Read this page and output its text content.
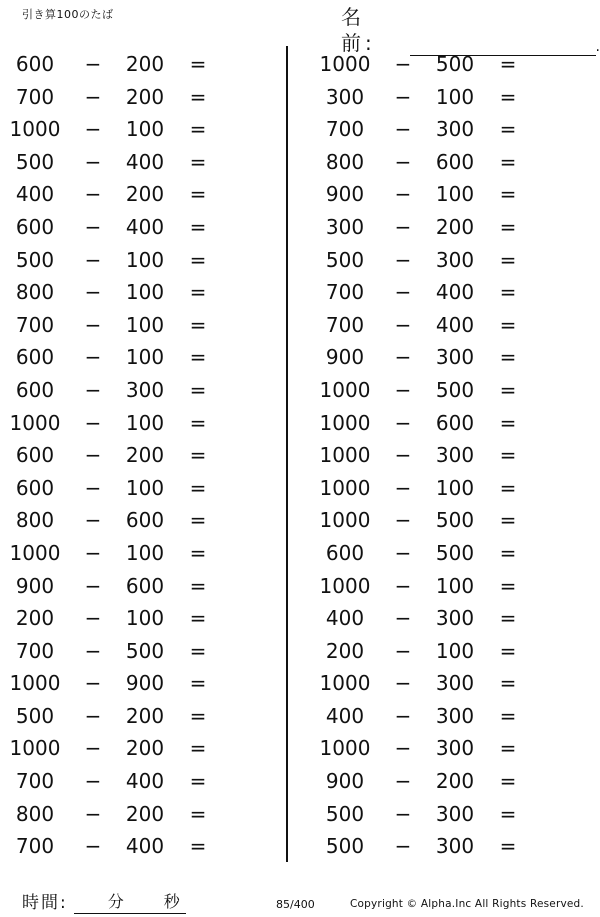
引き算100のたば	名 前:	.
600	−	200	=
700	−	200	=
1000	−	100	=
500	−	400	=
400	−	200	=
600	−	400	=
500	−	100	=
800	−	100	=
700	−	100	=
600	−	100	=
600	−	300	=
1000	−	100	=
600	−	200	=
600	−	100	=
800	−	600	=
1000	−	100	=
900	−	600	=
200	−	100	=
700	−	500	=
1000	−	900	=
500	−	200	=
1000	−	200	=
700	−	400	=
800	−	200	=
700	−	400	=
1000	−	500	=
300	−	100	=
700	−	300	=
800	−	600	=
900	−	100	=
300	−	200	=
500	−	300	=
700	−	400	=
700	−	400	=
900	−	300	=
1000	−	500	=
1000	−	600	=
1000	−	300	=
1000	−	100	=
1000	−	500	=
600	−	500	=
1000	−	100	=
400	−	300	=
200	−	100	=
1000	−	300	=
400	−	300	=
1000	−	300	=
900	−	200	=
500	−	300	=
500	−	300	=
時間:	分 秒	85/400	Copyright © Alpha.Inc All Rights Reserved.
